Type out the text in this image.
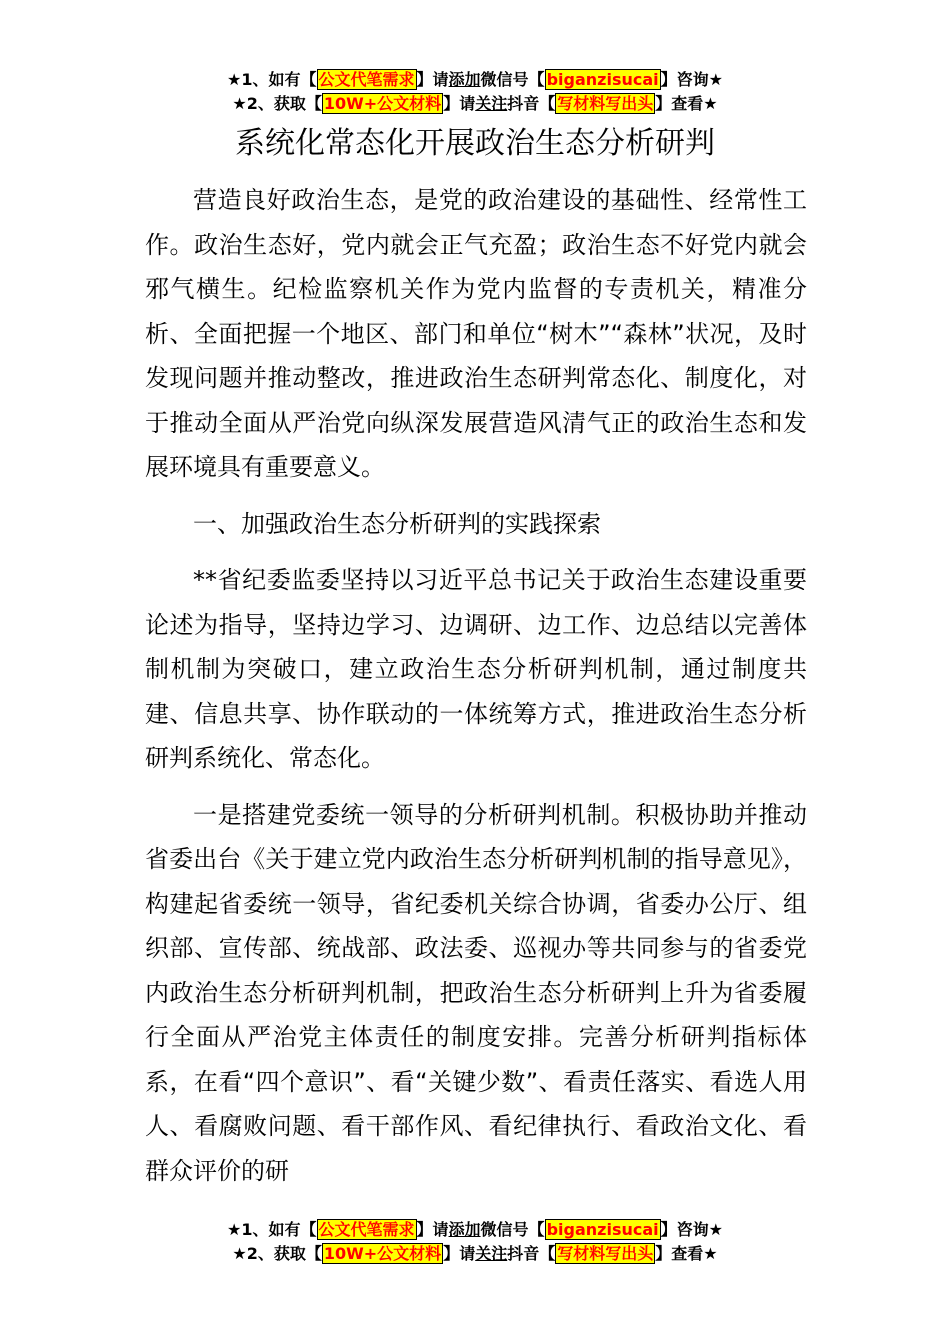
★1、如有【 公文代笔需求 】请添加微信号【 biganzisucai 】咨询★
★2、获取【 10W+公文材料 】请关注抖音【 写材料写出头 】查看★
系统化常态化开展政治生态分析研判

营造良好政治生态，是党的政治建设的基础性、经常性工作。政治生态好，党内就会正气充盈；政治生态不好党内就会邪气横生。纪检监察机关作为党内监督的专责机关，精准分析、全面把握一个地区、部门和单位“树木”“森林”状况，及时发现问题并推动整改，推进政治生态研判常态化、制度化，对于推动全面从严治党向纵深发展营造风清气正的政治生态和发展环境具有重要意义。

一、加强政治生态分析研判的实践探索

**省纪委监委坚持以习近平总书记关于政治生态建设重要论述为指导，坚持边学习、边调研、边工作、边总结以完善体制机制为突破口，建立政治生态分析研判机制，通过制度共建、信息共享、协作联动的一体统筹方式，推进政治生态分析研判系统化、常态化。

一是搭建党委统一领导的分析研判机制。积极协助并推动省委出台《关于建立党内政治生态分析研判机制的指导意见》，构建起省委统一领导，省纪委机关综合协调，省委办公厅、组织部、宣传部、统战部、政法委、巡视办等共同参与的省委党内政治生态分析研判机制，把政治生态分析研判上升为省委履行全面从严治党主体责任的制度安排。完善分析研判指标体系，在看“四个意识”、看“关键少数”、看责任落实、看选人用人、看腐败问题、看干部作风、看纪律执行、看政治文化、看群众评价的研

★1、如有【 公文代笔需求 】请添加微信号【 biganzisucai 】咨询★
★2、获取【 10W+公文材料 】请关注抖音【 写材料写出头 】查看★
